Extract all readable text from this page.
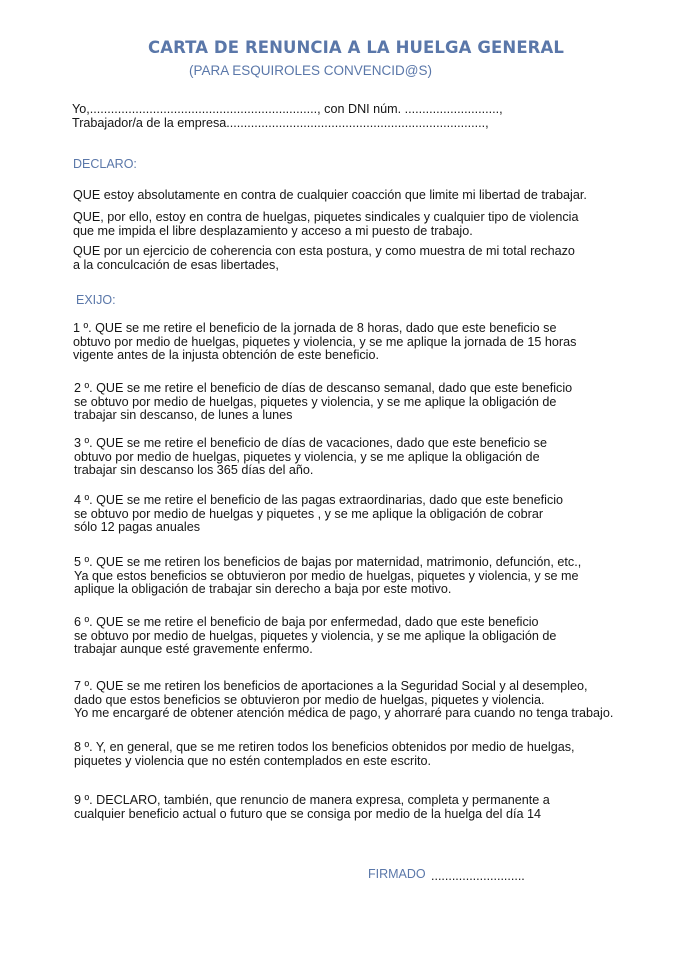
CARTA DE RENUNCIA A LA HUELGA GENERAL
(PARA ESQUIROLES CONVENCID@S)
Yo,................................................................., con DNI núm. ...........................,
Trabajador/a de la empresa..........................................................................,
DECLARO:
QUE estoy absolutamente en contra de cualquier coacción que limite mi libertad de trabajar.
QUE, por ello, estoy en contra de huelgas, piquetes sindicales y cualquier tipo de violencia
que me impida el libre desplazamiento y acceso a mi puesto de trabajo.
QUE por un ejercicio de coherencia con esta postura, y como muestra de mi total rechazo
a la conculcación de esas libertades,
EXIJO:
1 º. QUE se me retire el beneficio de la jornada de 8 horas, dado que este beneficio se
obtuvo por medio de huelgas, piquetes y violencia, y se me aplique la jornada de 15 horas
vigente antes de la injusta obtención de este beneficio.
2 º. QUE se me retire el beneficio de días de descanso semanal, dado que este beneficio
se obtuvo por medio de huelgas, piquetes y violencia, y se me aplique la obligación de
trabajar sin descanso, de lunes a lunes
3 º. QUE se me retire el beneficio de días de vacaciones, dado que este beneficio se
obtuvo por medio de huelgas, piquetes y violencia, y se me aplique la obligación de
trabajar sin descanso los 365 días del año.
4 º. QUE se me retire el beneficio de las pagas extraordinarias, dado que este beneficio
se obtuvo por medio de huelgas y piquetes , y se me aplique la obligación de cobrar
sólo 12 pagas anuales
5 º. QUE se me retiren los beneficios de bajas por maternidad, matrimonio, defunción, etc.,
Ya que estos beneficios se obtuvieron por medio de huelgas, piquetes y violencia, y se me
aplique la obligación de trabajar sin derecho a baja por este motivo.
6 º. QUE se me retire el beneficio de baja por enfermedad, dado que este beneficio
se obtuvo por medio de huelgas, piquetes y violencia, y se me aplique la obligación de
trabajar aunque esté gravemente enfermo.
7 º. QUE se me retiren los beneficios de aportaciones a la Seguridad Social y al desempleo,
dado que estos beneficios se obtuvieron por medio de huelgas, piquetes y violencia.
Yo me encargaré de obtener atención médica de pago, y ahorraré para cuando no tenga trabajo.
8 º. Y, en general, que se me retiren todos los beneficios obtenidos por medio de huelgas,
piquetes y violencia que no estén contemplados en este escrito.
9 º. DECLARO, también, que renuncio de manera expresa, completa y permanente a
cualquier beneficio actual o futuro que se consiga por medio de la huelga del día 14
FIRMADO ...........................
